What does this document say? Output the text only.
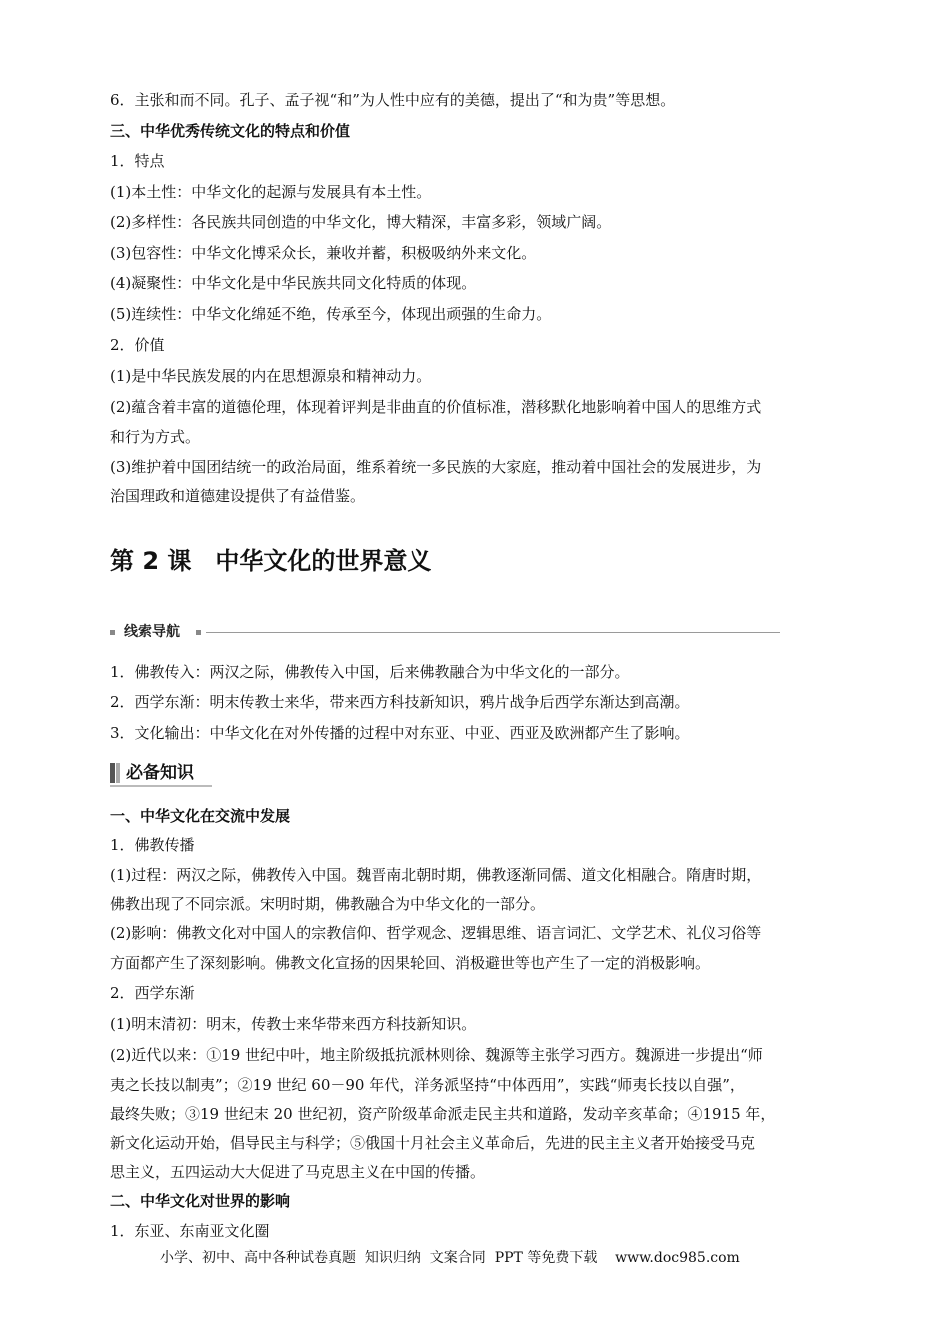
6．主张和而不同。孔子、孟子视“和”为人性中应有的美德，提出了“和为贵”等思想。
三、中华优秀传统文化的特点和价值
1．特点
(1)本土性：中华文化的起源与发展具有本土性。
(2)多样性：各民族共同创造的中华文化，博大精深，丰富多彩，领域广阔。
(3)包容性：中华文化博采众长，兼收并蓄，积极吸纳外来文化。
(4)凝聚性：中华文化是中华民族共同文化特质的体现。
(5)连续性：中华文化绵延不绝，传承至今，体现出顽强的生命力。
2．价值
(1)是中华民族发展的内在思想源泉和精神动力。
(2)蕴含着丰富的道德伦理，体现着评判是非曲直的价值标准，潜移默化地影响着中国人的思维方式
和行为方式。
(3)维护着中国团结统一的政治局面，维系着统一多民族的大家庭，推动着中国社会的发展进步，为
治国理政和道德建设提供了有益借鉴。
第 2 课　中华文化的世界意义
线索导航
1．佛教传入：两汉之际，佛教传入中国，后来佛教融合为中华文化的一部分。
2．西学东渐：明末传教士来华，带来西方科技新知识，鸦片战争后西学东渐达到高潮。
3．文化输出：中华文化在对外传播的过程中对东亚、中亚、西亚及欧洲都产生了影响。
必备知识
一、中华文化在交流中发展
1．佛教传播
(1)过程：两汉之际，佛教传入中国。魏晋南北朝时期，佛教逐渐同儒、道文化相融合。隋唐时期，
佛教出现了不同宗派。宋明时期，佛教融合为中华文化的一部分。
(2)影响：佛教文化对中国人的宗教信仰、哲学观念、逻辑思维、语言词汇、文学艺术、礼仪习俗等
方面都产生了深刻影响。佛教文化宣扬的因果轮回、消极避世等也产生了一定的消极影响。
2．西学东渐
(1)明末清初：明末，传教士来华带来西方科技新知识。
(2)近代以来：①19 世纪中叶，地主阶级抵抗派林则徐、魏源等主张学习西方。魏源进一步提出“师
夷之长技以制夷”；②19 世纪 60－90 年代，洋务派坚持“中体西用”，实践“师夷长技以自强”，
最终失败；③19 世纪末 20 世纪初，资产阶级革命派走民主共和道路，发动辛亥革命；④1915 年，
新文化运动开始，倡导民主与科学；⑤俄国十月社会主义革命后，先进的民主主义者开始接受马克
思主义，五四运动大大促进了马克思主义在中国的传播。
二、中华文化对世界的影响
1．东亚、东南亚文化圈
小学、初中、高中各种试卷真题  知识归纳  文案合同  PPT 等免费下载    www.doc985.com
